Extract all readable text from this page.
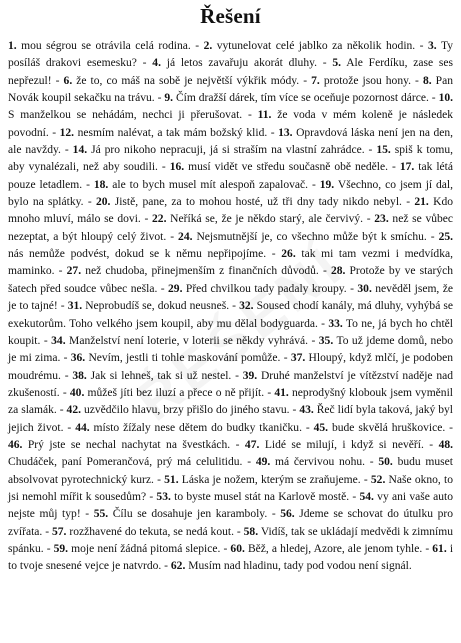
Řešení
1. mou ségrou se otrávila celá rodina. - 2. vytunelovat celé jablko za několik hodin. - 3. Ty posíláš drakovi esemesku? - 4. já letos zavařuju akorát dluhy. - 5. Ale Ferdíku, zase ses nepřezul! - 6. že to, co máš na sobě je největší výkřik módy. - 7. protože jsou hony. - 8. Pan Novák koupil sekačku na trávu. - 9. Čím dražší dárek, tím více se oceňuje pozornost dárce. - 10. S manželkou se nehádám, nechci ji přerušovat. - 11. že voda v mém koleně je následek povodní. - 12. nesmím nalévat, a tak mám božský klid. - 13. Opravdová láska není jen na den, ale navždy. - 14. Já pro nikoho nepracuji, já si straším na vlastní zahrádce. - 15. spiš k tomu, aby vynalézali, než aby soudili. - 16. musí vidět ve středu současně obě neděle. - 17. tak létá pouze letadlem. - 18. ale to bych musel mít alespoň zapalovač. - 19. Všechno, co jsem jí dal, bylo na splátky. - 20. Jistě, pane, za to mohou hosté, už tři dny tady nikdo nebyl. - 21. Kdo mnoho mluví, málo se dovi. - 22. Neříká se, že je někdo starý, ale červivý. - 23. než se vůbec nezeptat, a být hloupý celý život. - 24. Nejsmutnější je, co všechno může být k smíchu. - 25. nás nemůže podvést, dokud se k němu nepřipojíme. - 26. tak mi tam vezmi i medvídka, maminko. - 27. než chudoba, přinejmenším z finančních důvodů. - 28. Protože by ve starých šatech před soudce vůbec nešla. - 29. Před chvilkou tady padaly kroupy. - 30. nevěděl jsem, že je to tajné! - 31. Neprobudíš se, dokud neusneš. - 32. Soused chodí kanály, má dluhy, vyhýbá se exekutorům. Toho velkého jsem koupil, aby mu dělal bodyguarda. - 33. To ne, já bych ho chtěl koupit. - 34. Manželství není loterie, v loterii se někdy vyhrává. - 35. To už jdeme domů, nebo je mi zima. - 36. Nevím, jestli ti tohle maskování pomůže. - 37. Hloupý, když mlčí, je podoben moudrému. - 38. Jak si lehneš, tak si už nestel. - 39. Druhé manželství je vítězství naděje nad zkušeností. - 40. můžeš jíti bez iluzí a přece o ně přijít. - 41. neprodyšný klobouk jsem vyměnil za slamák. - 42. uzvědčilo hlavu, brzy přišlo do jiného stavu. - 43. Řeč lidí byla taková, jaký byl jejich život. - 44. místo žížaly nese dětem do budky tkaničku. - 45. bude skvělá hruškovice. - 46. Prý jste se nechal nachytat na švestkách. - 47. Lidé se milují, i když si nevěří. - 48. Chudáček, paní Pomerančová, prý má celulitidu. - 49. má červivou nohu. - 50. budu muset absolvovat pyrotechnický kurz. - 51. Láska je nožem, kterým se zraňujeme. - 52. Naše okno, to jsi nemohl mířit k sousedům? - 53. to byste musel stát na Karlově mostě. - 54. vy ani vaše auto nejste můj typ! - 55. Čílu se dosahuje jen karamboly. - 56. Jdeme se schovat do útulku pro zvířata. - 57. rozžhavené do tekuta, se nedá kout. - 58. Vidíš, tak se ukládají medvědi k zimnímu spánku. - 59. moje není žádná pitomá slepice. - 60. Běž, a hledej, Azore, ale jenom tyhle. - 61. i to tvoje snesené vejce je natvrdo. - 62. Musím nad hladinu, tady pod vodou není signál.
